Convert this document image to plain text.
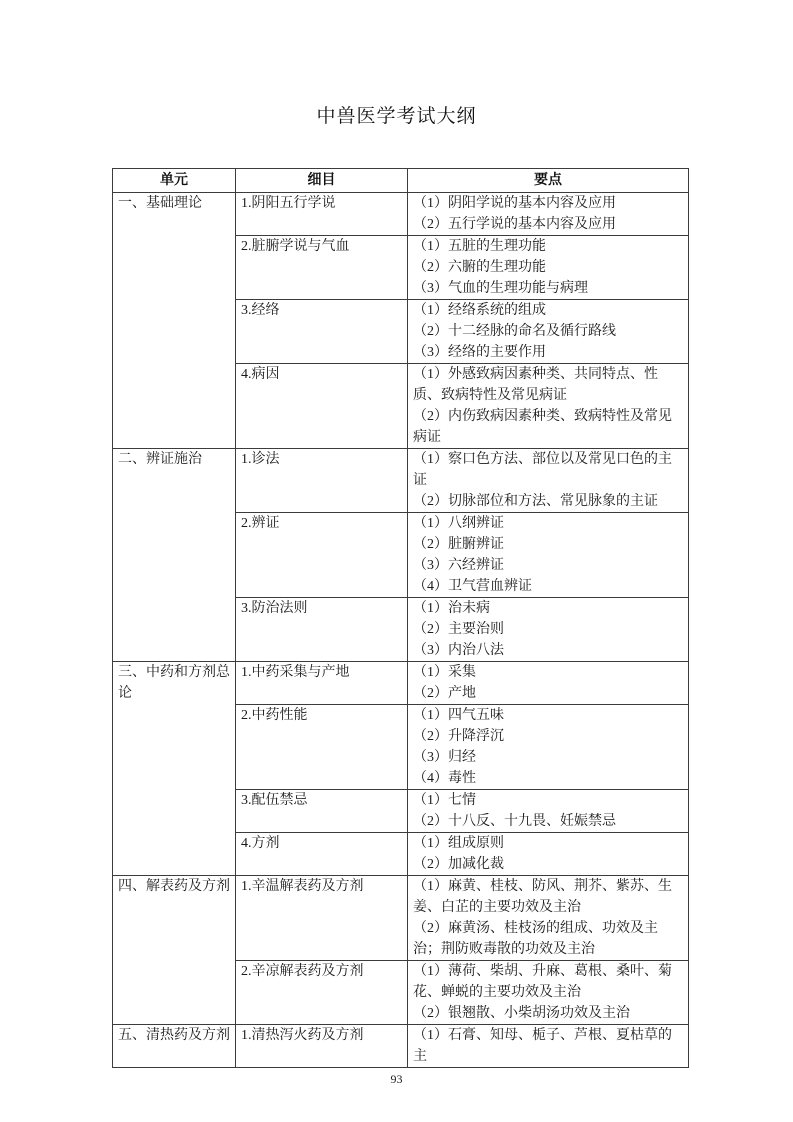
中兽医学考试大纲
单元	细目	要点
一、基础理论	1.阴阳五行学说	（1）阴阳学说的基本内容及应用
（2）五行学说的基本内容及应用

	2.脏腑学说与气血	（1）五脏的生理功能
（2）六腑的生理功能
（3）气血的生理功能与病理

	3.经络	（1）经络系统的组成
（2）十二经脉的命名及循行路线
（3）经络的主要作用

	4.病因	（1）外感致病因素种类、共同特点、性质、致病特性及常见病证
（2）内伤致病因素种类、致病特性及常见病证

二、辨证施治	1.诊法	（1）察口色方法、部位以及常见口色的主证
（2）切脉部位和方法、常见脉象的主证

	2.辨证	（1）八纲辨证
（2）脏腑辨证
（3）六经辨证
（4）卫气营血辨证

	3.防治法则	（1）治未病
（2）主要治则
（3）内治八法

三、中药和方剂总论	1.中药采集与产地	（1）采集
（2）产地

	2.中药性能	（1）四气五味
（2）升降浮沉
（3）归经
（4）毒性

	3.配伍禁忌	（1）七情
（2）十八反、十九畏、妊娠禁忌

	4.方剂	（1）组成原则
（2）加减化裁

四、解表药及方剂	1.辛温解表药及方剂	（1）麻黄、桂枝、防风、荆芥、紫苏、生姜、白芷的主要功效及主治
（2）麻黄汤、桂枝汤的组成、功效及主治；荆防败毒散的功效及主治

	2.辛凉解表药及方剂	（1）薄荷、柴胡、升麻、葛根、桑叶、菊花、蝉蜕的主要功效及主治
（2）银翘散、小柴胡汤功效及主治

五、清热药及方剂	1.清热泻火药及方剂	（1）石膏、知母、栀子、芦根、夏枯草的主
93
